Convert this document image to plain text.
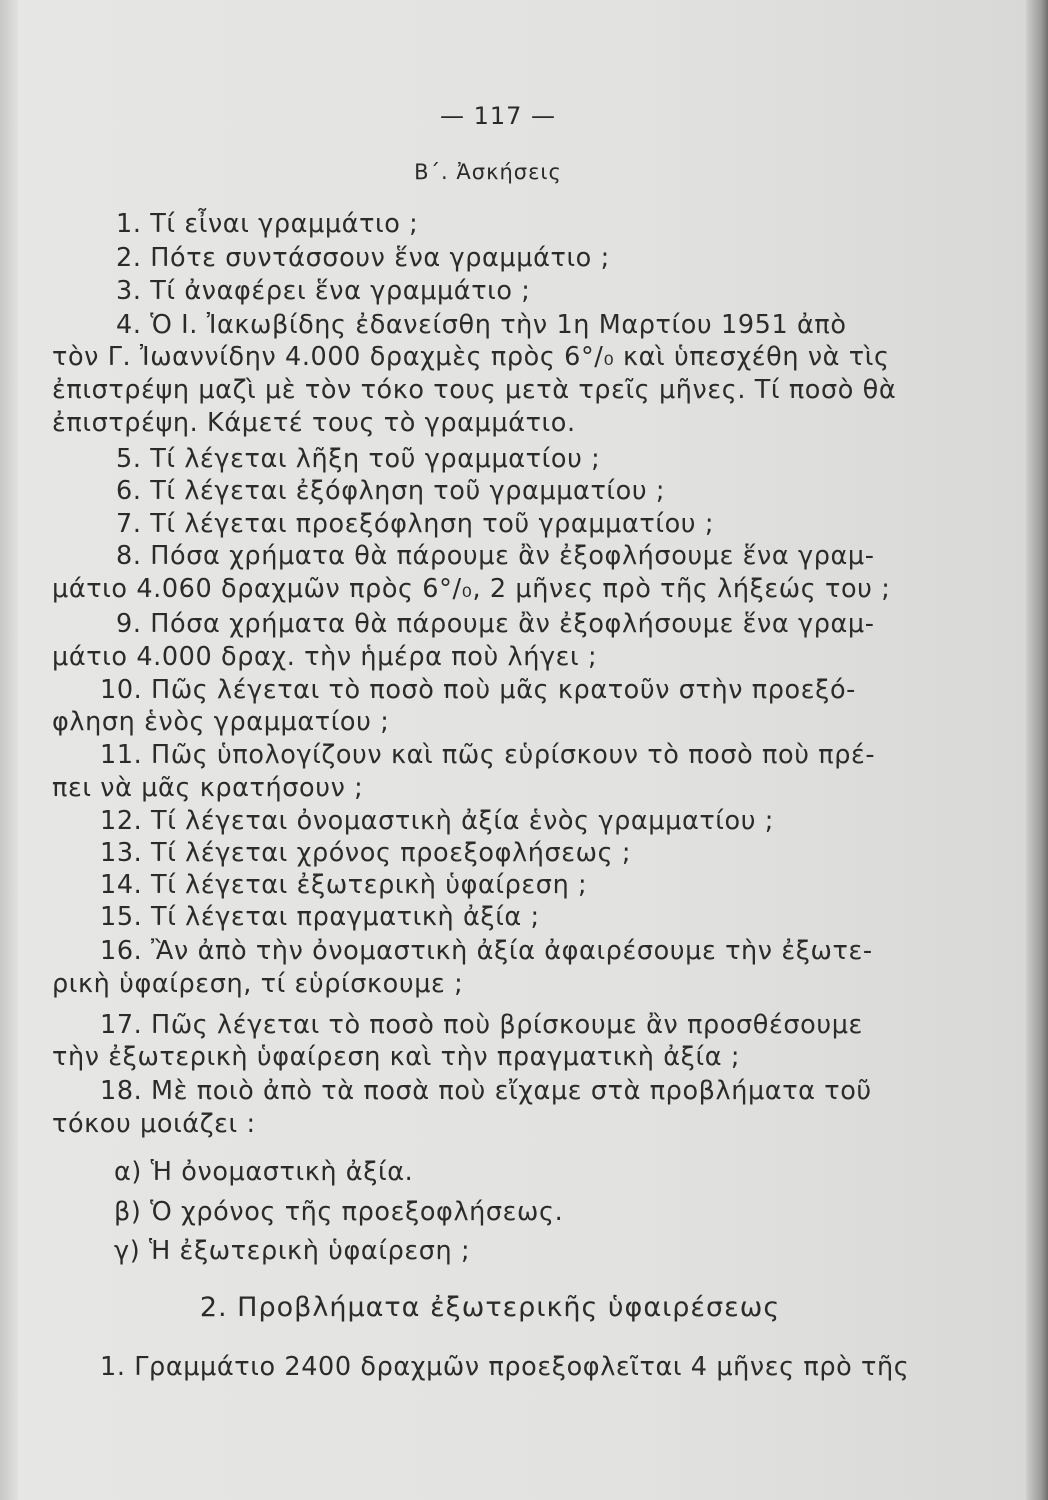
— 117 —
Β΄. Ἀσκήσεις
1. Τί εἶναι γραμμάτιο ;
2. Πότε συντάσσουν ἕνα γραμμάτιο ;
3. Τί ἀναφέρει ἕνα γραμμάτιο ;
4. Ὁ Ι. Ἰακωβίδης ἐδανείσθη τὴν 1η Μαρτίου 1951 ἀπὸ
τὸν Γ. Ἰωαννίδην 4.000 δραχμὲς πρὸς 6°/₀ καὶ ὑπεσχέθη νὰ τὶς
ἐπιστρέψη μαζὶ μὲ τὸν τόκο τους μετὰ τρεῖς μῆνες. Τί ποσὸ θὰ
ἐπιστρέψη. Κάμετέ τους τὸ γραμμάτιο.
5. Τί λέγεται λῆξη τοῦ γραμματίου ;
6. Τί λέγεται ἐξόφληση τοῦ γραμματίου ;
7. Τί λέγεται προεξόφληση τοῦ γραμματίου ;
8. Πόσα χρήματα θὰ πάρουμε ἂν ἐξοφλήσουμε ἕνα γραμ-
μάτιο 4.060 δραχμῶν πρὸς 6°/₀, 2 μῆνες πρὸ τῆς λήξεώς του ;
9. Πόσα χρήματα θὰ πάρουμε ἂν ἐξοφλήσουμε ἕνα γραμ-
μάτιο 4.000 δραχ. τὴν ἡμέρα ποὺ λήγει ;
10. Πῶς λέγεται τὸ ποσὸ ποὺ μᾶς κρατοῦν στὴν προεξό-
φληση ἑνὸς γραμματίου ;
11. Πῶς ὑπολογίζουν καὶ πῶς εὑρίσκουν τὸ ποσὸ ποὺ πρέ-
πει νὰ μᾶς κρατήσουν ;
12. Τί λέγεται ὀνομαστικὴ ἀξία ἑνὸς γραμματίου ;
13. Τί λέγεται χρόνος προεξοφλήσεως ;
14. Τί λέγεται ἐξωτερικὴ ὑφαίρεση ;
15. Τί λέγεται πραγματικὴ ἀξία ;
16. Ἂν ἀπὸ τὴν ὀνομαστικὴ ἀξία ἀφαιρέσουμε τὴν ἐξωτε-
ρικὴ ὑφαίρεση, τί εὑρίσκουμε ;
17. Πῶς λέγεται τὸ ποσὸ ποὺ βρίσκουμε ἂν προσθέσουμε
τὴν ἐξωτερικὴ ὑφαίρεση καὶ τὴν πραγματικὴ ἀξία ;
18. Μὲ ποιὸ ἀπὸ τὰ ποσὰ ποὺ εἴχαμε στὰ προβλήματα τοῦ
τόκου μοιάζει :
α) Ἡ ὀνομαστικὴ ἀξία.
β) Ὁ χρόνος τῆς προεξοφλήσεως.
γ) Ἡ ἐξωτερικὴ ὑφαίρεση ;
2. Προβλήματα ἐξωτερικῆς ὑφαιρέσεως
1. Γραμμάτιο 2400 δραχμῶν προεξοφλεῖται 4 μῆνες πρὸ τῆς
